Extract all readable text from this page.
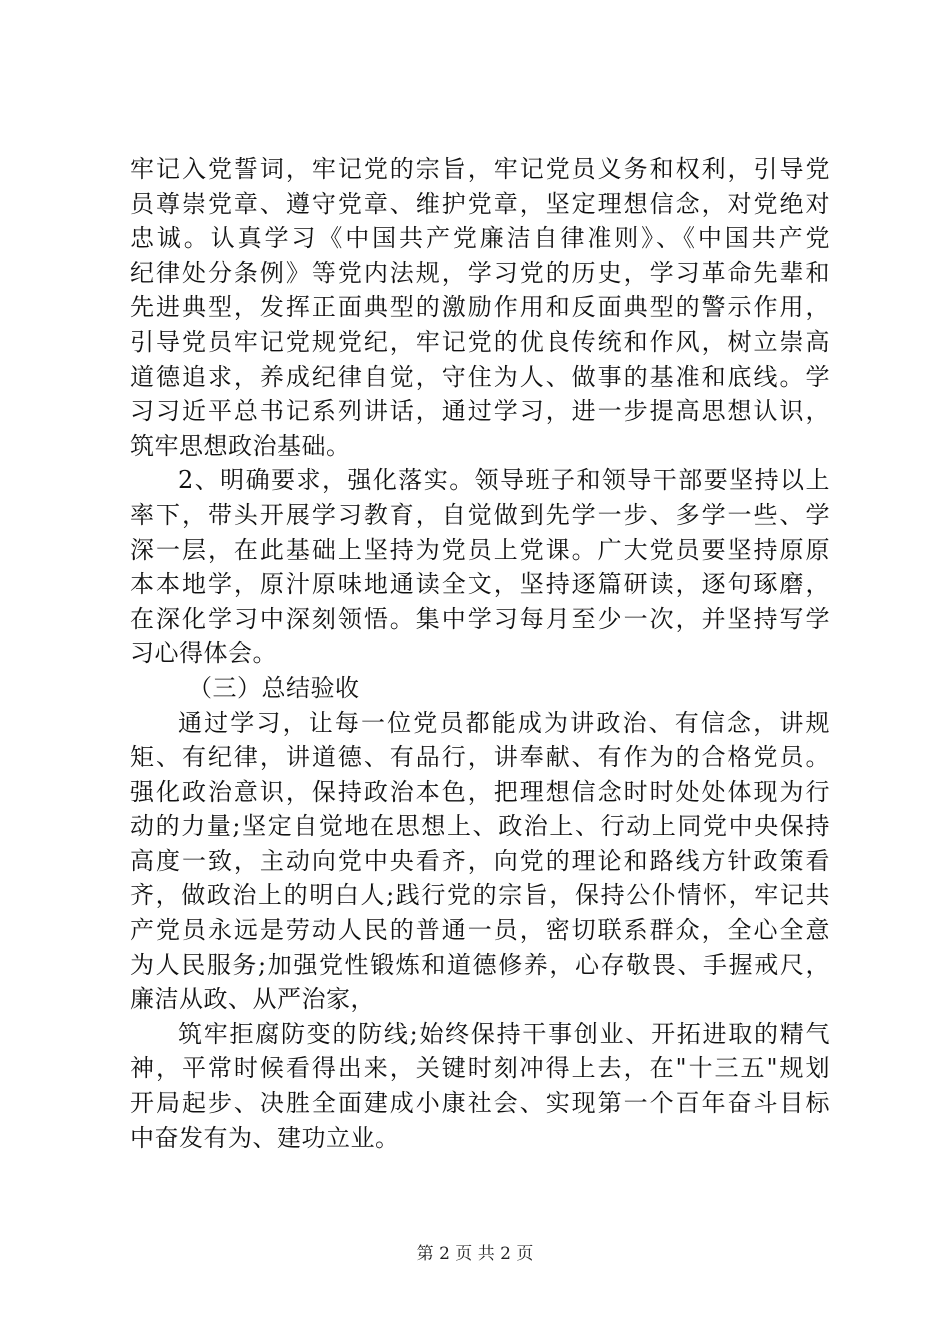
牢记入党誓词，牢记党的宗旨，牢记党员义务和权利，引导党
员尊崇党章、遵守党章、维护党章，坚定理想信念，对党绝对
忠诚。认真学习《中国共产党廉洁自律准则》、《中国共产党
纪律处分条例》等党内法规，学习党的历史，学习革命先辈和
先进典型，发挥正面典型的激励作用和反面典型的警示作用，
引导党员牢记党规党纪，牢记党的优良传统和作风，树立崇高
道德追求，养成纪律自觉，守住为人、做事的基准和底线。学
习习近平总书记系列讲话，通过学习，进一步提高思想认识，
筑牢思想政治基础。
2、明确要求，强化落实。领导班子和领导干部要坚持以上
率下，带头开展学习教育，自觉做到先学一步、多学一些、学
深一层，在此基础上坚持为党员上党课。广大党员要坚持原原
本本地学，原汁原味地通读全文，坚持逐篇研读，逐句琢磨，
在深化学习中深刻领悟。集中学习每月至少一次，并坚持写学
习心得体会。
（三）总结验收
通过学习，让每一位党员都能成为讲政治、有信念，讲规
矩、有纪律，讲道德、有品行，讲奉献、有作为的合格党员。
强化政治意识，保持政治本色，把理想信念时时处处体现为行
动的力量;坚定自觉地在思想上、政治上、行动上同党中央保持
高度一致，主动向党中央看齐，向党的理论和路线方针政策看
齐，做政治上的明白人;践行党的宗旨，保持公仆情怀，牢记共
产党员永远是劳动人民的普通一员，密切联系群众，全心全意
为人民服务;加强党性锻炼和道德修养，心存敬畏、手握戒尺，
廉洁从政、从严治家，
筑牢拒腐防变的防线;始终保持干事创业、开拓进取的精气
神，平常时候看得出来，关键时刻冲得上去，在"十三五"规划
开局起步、决胜全面建成小康社会、实现第一个百年奋斗目标
中奋发有为、建功立业。
第 2 页 共 2 页
